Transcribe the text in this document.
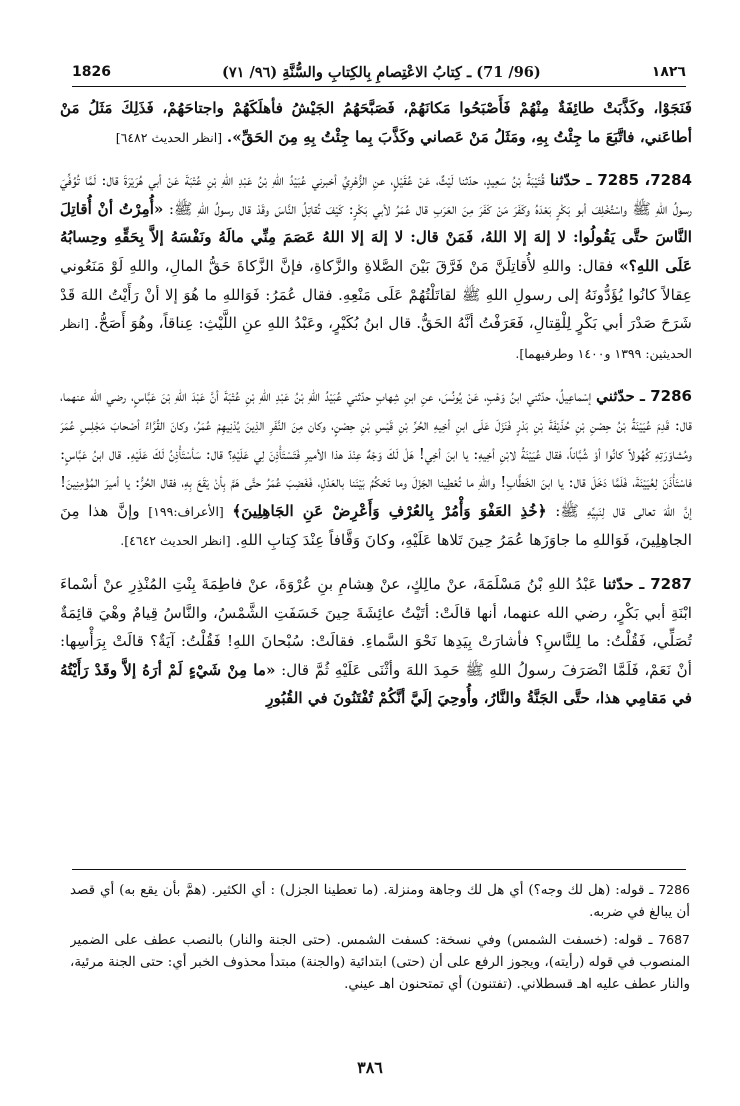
1826	(96/ 71) ـ كِتابُ الاعْتِصامِ بِالكِتابِ والسُّنَّةِ (٩٦/ ٧١)	١٨٢٦

فَنَجَوْا، وكَذَّبَتْ طائِفَةٌ مِنْهُمْ فَأَصْبَحُوا مَكانَهُمْ، فَصَبَّحَهُمُ الجَيْشُ فأهلَكَهُمْ واجتاحَهُمْ، فَذَلِكَ مَثَلُ مَنْ أطاعَني، فاتَّبَعَ ما جِئْتُ بِهِ، ومَثَلُ مَنْ عَصاني وكَذَّبَ بِما جِئْتُ بِهِ مِنَ الحَقِّ». [انظر الحديث ٦٤٨٢]

7284، 7285 ـ حدّثنا قُتَيْبَةُ بْنُ سَعِيدٍ، حدّثنا لَيْثٌ، عَنْ عُقَيْلٍ، عنِ الزُّهْرِيِّ أخبرني عُبَيْدُ اللهِ بْنُ عَبْدِ اللهِ بْنِ عُتْبَةَ عَنْ أبي هُرَيْرَةَ قال: لَمَّا تُوُفِّيَ رسولُ اللهِ ﷺ واسْتُخْلِفَ أبو بَكْرٍ بَعْدَهُ وكَفَرَ مَنْ كَفَرَ مِنَ العَرَبِ قال عُمَرُ لأبي بَكْرٍ: كَيْفَ تُقاتِلُ النَّاسَ وقَدْ قال رسولُ اللهِ ﷺ: «أُمِرْتُ أنْ أُقاتِلَ النَّاسَ حتَّى يَقُولُوا: لا إلهَ إلا اللهُ، فَمَنْ قال: لا إلهَ إلا اللهُ عَصَمَ مِنِّي مالَهُ ونَفْسَهُ إلاَّ بِحَقِّهِ وحِسابُهُ عَلَى اللهِ؟» فقال: واللهِ لأُقاتِلَنَّ مَنْ فَرَّقَ بَيْنَ الصَّلاةِ والزَّكاةِ، فإنَّ الزَّكاةَ حَقُّ المالِ، واللهِ لَوْ مَنَعُوني عِقالاً كانُوا يُؤَدُّونَهُ إلى رسولِ اللهِ ﷺ لقاتَلْتُهُمْ عَلَى مَنْعِهِ. فقال عُمَرُ: فَوَاللهِ ما هُوَ إلا أنْ رَأَيْتُ اللهَ قَدْ شَرَحَ صَدْرَ أبي بَكْرٍ لِلْقِتالِ، فَعَرَفْتُ أنَّهُ الحَقُّ. قال ابنُ بُكَيْرٍ، وعَبْدُ اللهِ عنِ اللَّيْثِ: عِناقاً، وهُوَ أَصَحُّ. [انظر الحديثين: ١٣٩٩ و١٤٠٠ وطرفيهما].

7286 ـ حدّثني إسْماعِيلُ، حدّثني ابنُ وَهْبٍ، عَنْ يُونُسَ، عنِ ابنِ شِهابٍ حدّثني عُبَيْدُ اللهِ بْنُ عَبْدِ اللهِ بْنِ عُتْبَةَ أنَّ عَبْدَ اللهِ بْنَ عَبَّاسٍ، رضي الله عنهما، قال: قَدِمَ عُيَيْنَةُ بْنُ حِصْنِ بْنِ حُذَيْفَةَ بْنِ بَدْرٍ فَنَزَلَ عَلَى ابنِ أخِيهِ الحُرِّ بْنِ قَيْسِ بْنِ حِصْنٍ، وكان مِنَ النَّفَرِ الذِينَ يُدْنِيهِمْ عُمَرُ، وكانَ القُرَّاءُ أصْحابَ مَجْلِسِ عُمَرَ ومُشاوَرَتِهِ كُهُولاً كانُوا أوْ شُبَّاناً، فقال عُيَيْنَةُ لابْنِ أخِيهِ: يا ابنَ أخِي! هَلْ لَكَ وَجْهٌ عِنْدَ هذا الأميرِ فَتَسْتَأْذِنَ لِي عَلَيْهِ؟ قال: سَأسْتَأْذِنُ لَكَ عَلَيْهِ. قال ابنُ عَبَّاسٍ: فاسْتَأْذَنَ لِعُيَيْنَةَ، فَلَمَّا دَخَلَ قال: يا ابنَ الخَطَّابِ! واللهِ ما تُعْطِينا الجَزْلَ وما تَحْكُمُ بَيْنَنا بالعَدْلِ، فَغَضِبَ عُمَرُ حتَّى هَمَّ بِأنْ يَقَعَ بِهِ، فقال الحُرُّ: يا أميرَ المُؤْمِنِينَ! إنَّ اللهَ تعالى قال لِنَبِيِّهِ ﷺ: ﴿خُذِ العَفْوَ وَأْمُرْ بِالعُرْفِ وَأَعْرِضْ عَنِ الجَاهِلِينَ﴾ [الأعراف:١٩٩] وإنَّ هذا مِنَ الجاهِلِينَ، فَوَاللهِ ما جاوَزَها عُمَرُ حِينَ تَلاها عَلَيْهِ، وكانَ وَقَّافاً عِنْدَ كِتابِ اللهِ. [انظر الحديث ٤٦٤٢].

7287 ـ حدّثنا عَبْدُ اللهِ بْنُ مَسْلَمَةَ، عنْ مالِكٍ، عنْ هِشامِ بنِ عُرْوَةَ، عنْ فاطِمَةَ بِنْتِ المُنْذِرِ عنْ أسْماءَ ابْنَةِ أبي بَكْرٍ، رضي الله عنهما، أنها قالَتْ: أتَيْتُ عائِشَةَ حِينَ خَسَفَتِ الشَّمْسُ، والنَّاسُ قِيامٌ وهْيَ قائِمَةٌ تُصَلِّي، فَقُلْتُ: ما لِلنَّاسِ؟ فأشارَتْ بِيَدِها نَحْوَ السَّماءِ. فقالَتْ: سُبْحانَ اللهِ! فَقُلْتُ: آيَةٌ؟ قالَتْ بِرَأْسِها: أنْ نَعَمْ، فَلَمَّا انْصَرَفَ رسولُ اللهِ ﷺ حَمِدَ اللهَ وأثْنَى عَلَيْهِ ثُمَّ قال: «ما مِنْ شَيْءٍ لَمْ أرَهُ إلاَّ وقَدْ رَأَيْتُهُ في مَقامِي هذا، حتَّى الجَنَّةُ والنَّارُ، وأُوحِيَ إلَيَّ أنَّكُمْ تُفْتَنُونَ في القُبُورِ

7286 ـ قوله: (هل لك وجه؟) أي هل لك وجاهة ومنزلة. (ما تعطينا الجزل) : أي الكثير. (همَّ بأن يقع به) أي قصد أن يبالغ في ضربه.

7687 ـ قوله: (خسفت الشمس) وفي نسخة: كسفت الشمس. (حتى الجنة والنار) بالنصب عطف على الضمير المنصوب في قوله (رأيته)، ويجوز الرفع على أن (حتى) ابتدائية (والجنة) مبتدأ محذوف الخبر أي: حتى الجنة مرئية، والنار عطف عليه اهـ قسطلاني. (تفتنون) أي تمتحنون اهـ عيني.

٣٨٦
